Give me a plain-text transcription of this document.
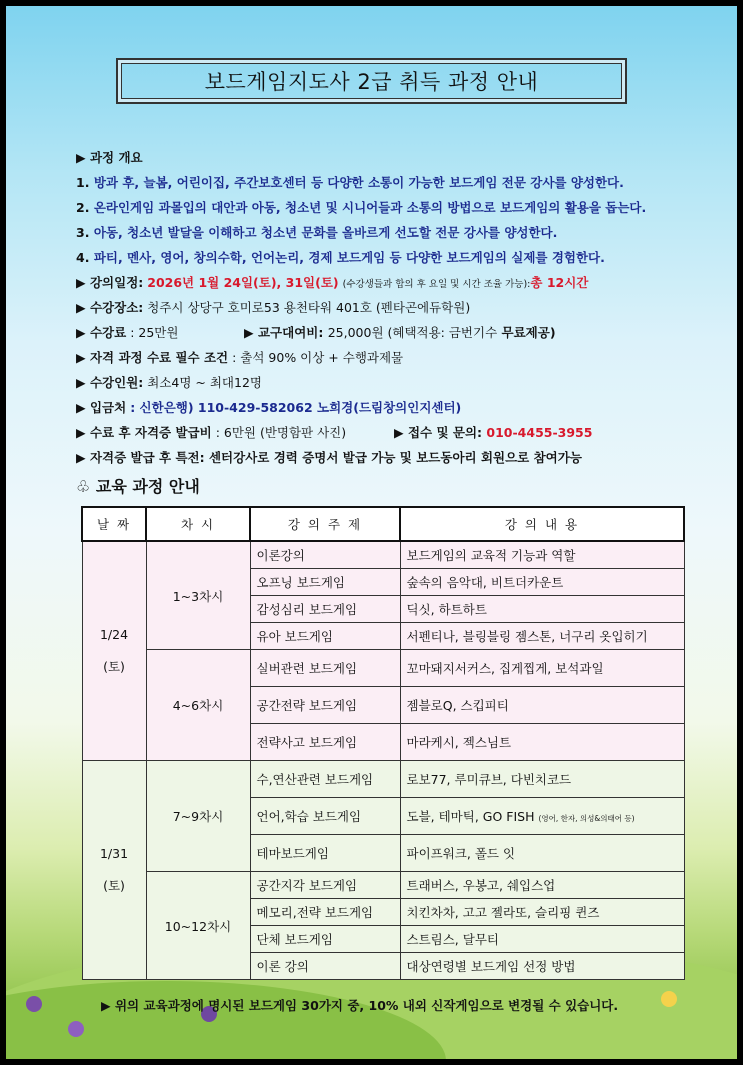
보드게임지도사 2급 취득 과정 안내
▶ 과정 개요
1. 방과 후, 늘봄, 어린이집, 주간보호센터 등 다양한 소통이 가능한 보드게임 전문 강사를 양성한다.
2. 온라인게임 과몰입의 대안과 아동, 청소년 및 시니어들과 소통의 방법으로 보드게임의 활용을 돕는다.
3. 아동, 청소년 발달을 이해하고 청소년 문화를 올바르게 선도할 전문 강사를 양성한다.
4. 파티, 멘사, 영어, 창의수학, 언어논리, 경제 보드게임 등 다양한 보드게임의 실제를 경험한다.
▶ 강의일정: 2026년 1월 24일(토), 31일(토) (수강생들과 합의 후 요일 및 시간 조율 가능):총 12시간
▶ 수강장소: 청주시 상당구 호미로53 용천타워 401호 (펜타곤에듀학원)
▶ 수강료 : 25만원	▶ 교구대여비: 25,000원 (혜택적용: 금번기수 무료제공)
▶ 자격 과정 수료 필수 조건 : 출석 90% 이상 + 수행과제물
▶ 수강인원: 최소4명 ~ 최대12명
▶ 입금처 : 신한은행) 110-429-582062 노희경(드림창의인지센터)
▶ 수료 후 자격증 발급비 : 6만원 (반명함판 사진)	▶ 접수 및 문의: 010-4455-3955
▶ 자격증 발급 후 특전: 센터강사로 경력 증명서 발급 가능 및 보드동아리 회원으로 참여가능
♧ 교육 과정 안내
날 짜	차 시	강 의 주 제	강 의 내 용
1/24

(토)	1~3차시	이론강의	보드게임의 교육적 기능과 역할
		오프닝 보드게임	숲속의 음악대, 비트더카운트
		감성심리 보드게임	딕싯, 하트하트
		유아 보드게임	서펜티나, 블링블링 젬스톤, 너구리 옷입히기
	4~6차시	실버관련 보드게임	꼬마돼지서커스, 집게찝게, 보석과일
		공간전략 보드게임	젬블로Q, 스킵피티
		전략사고 보드게임	마라케시, 젝스님트
1/31

(토)	7~9차시	수,연산관련 보드게임	로보77, 루미큐브, 다빈치코드
		언어,학습 보드게임	도블, 테마틱, GO FISH (영어, 한자, 의성&의태어 등)
		테마보드게임	파이프워크, 폴드 잇
	10~12차시	공간지각 보드게임	트래버스, 우봉고, 쉐입스업
		메모리,전략 보드게임	치킨차차, 고고 젤라또, 슬리핑 퀸즈
		단체 보드게임	스트림스, 달무티
		이론 강의	대상연령별 보드게임 선정 방법
▶ 위의 교육과정에 명시된 보드게임 30가지 중, 10% 내외 신작게임으로 변경될 수 있습니다.
